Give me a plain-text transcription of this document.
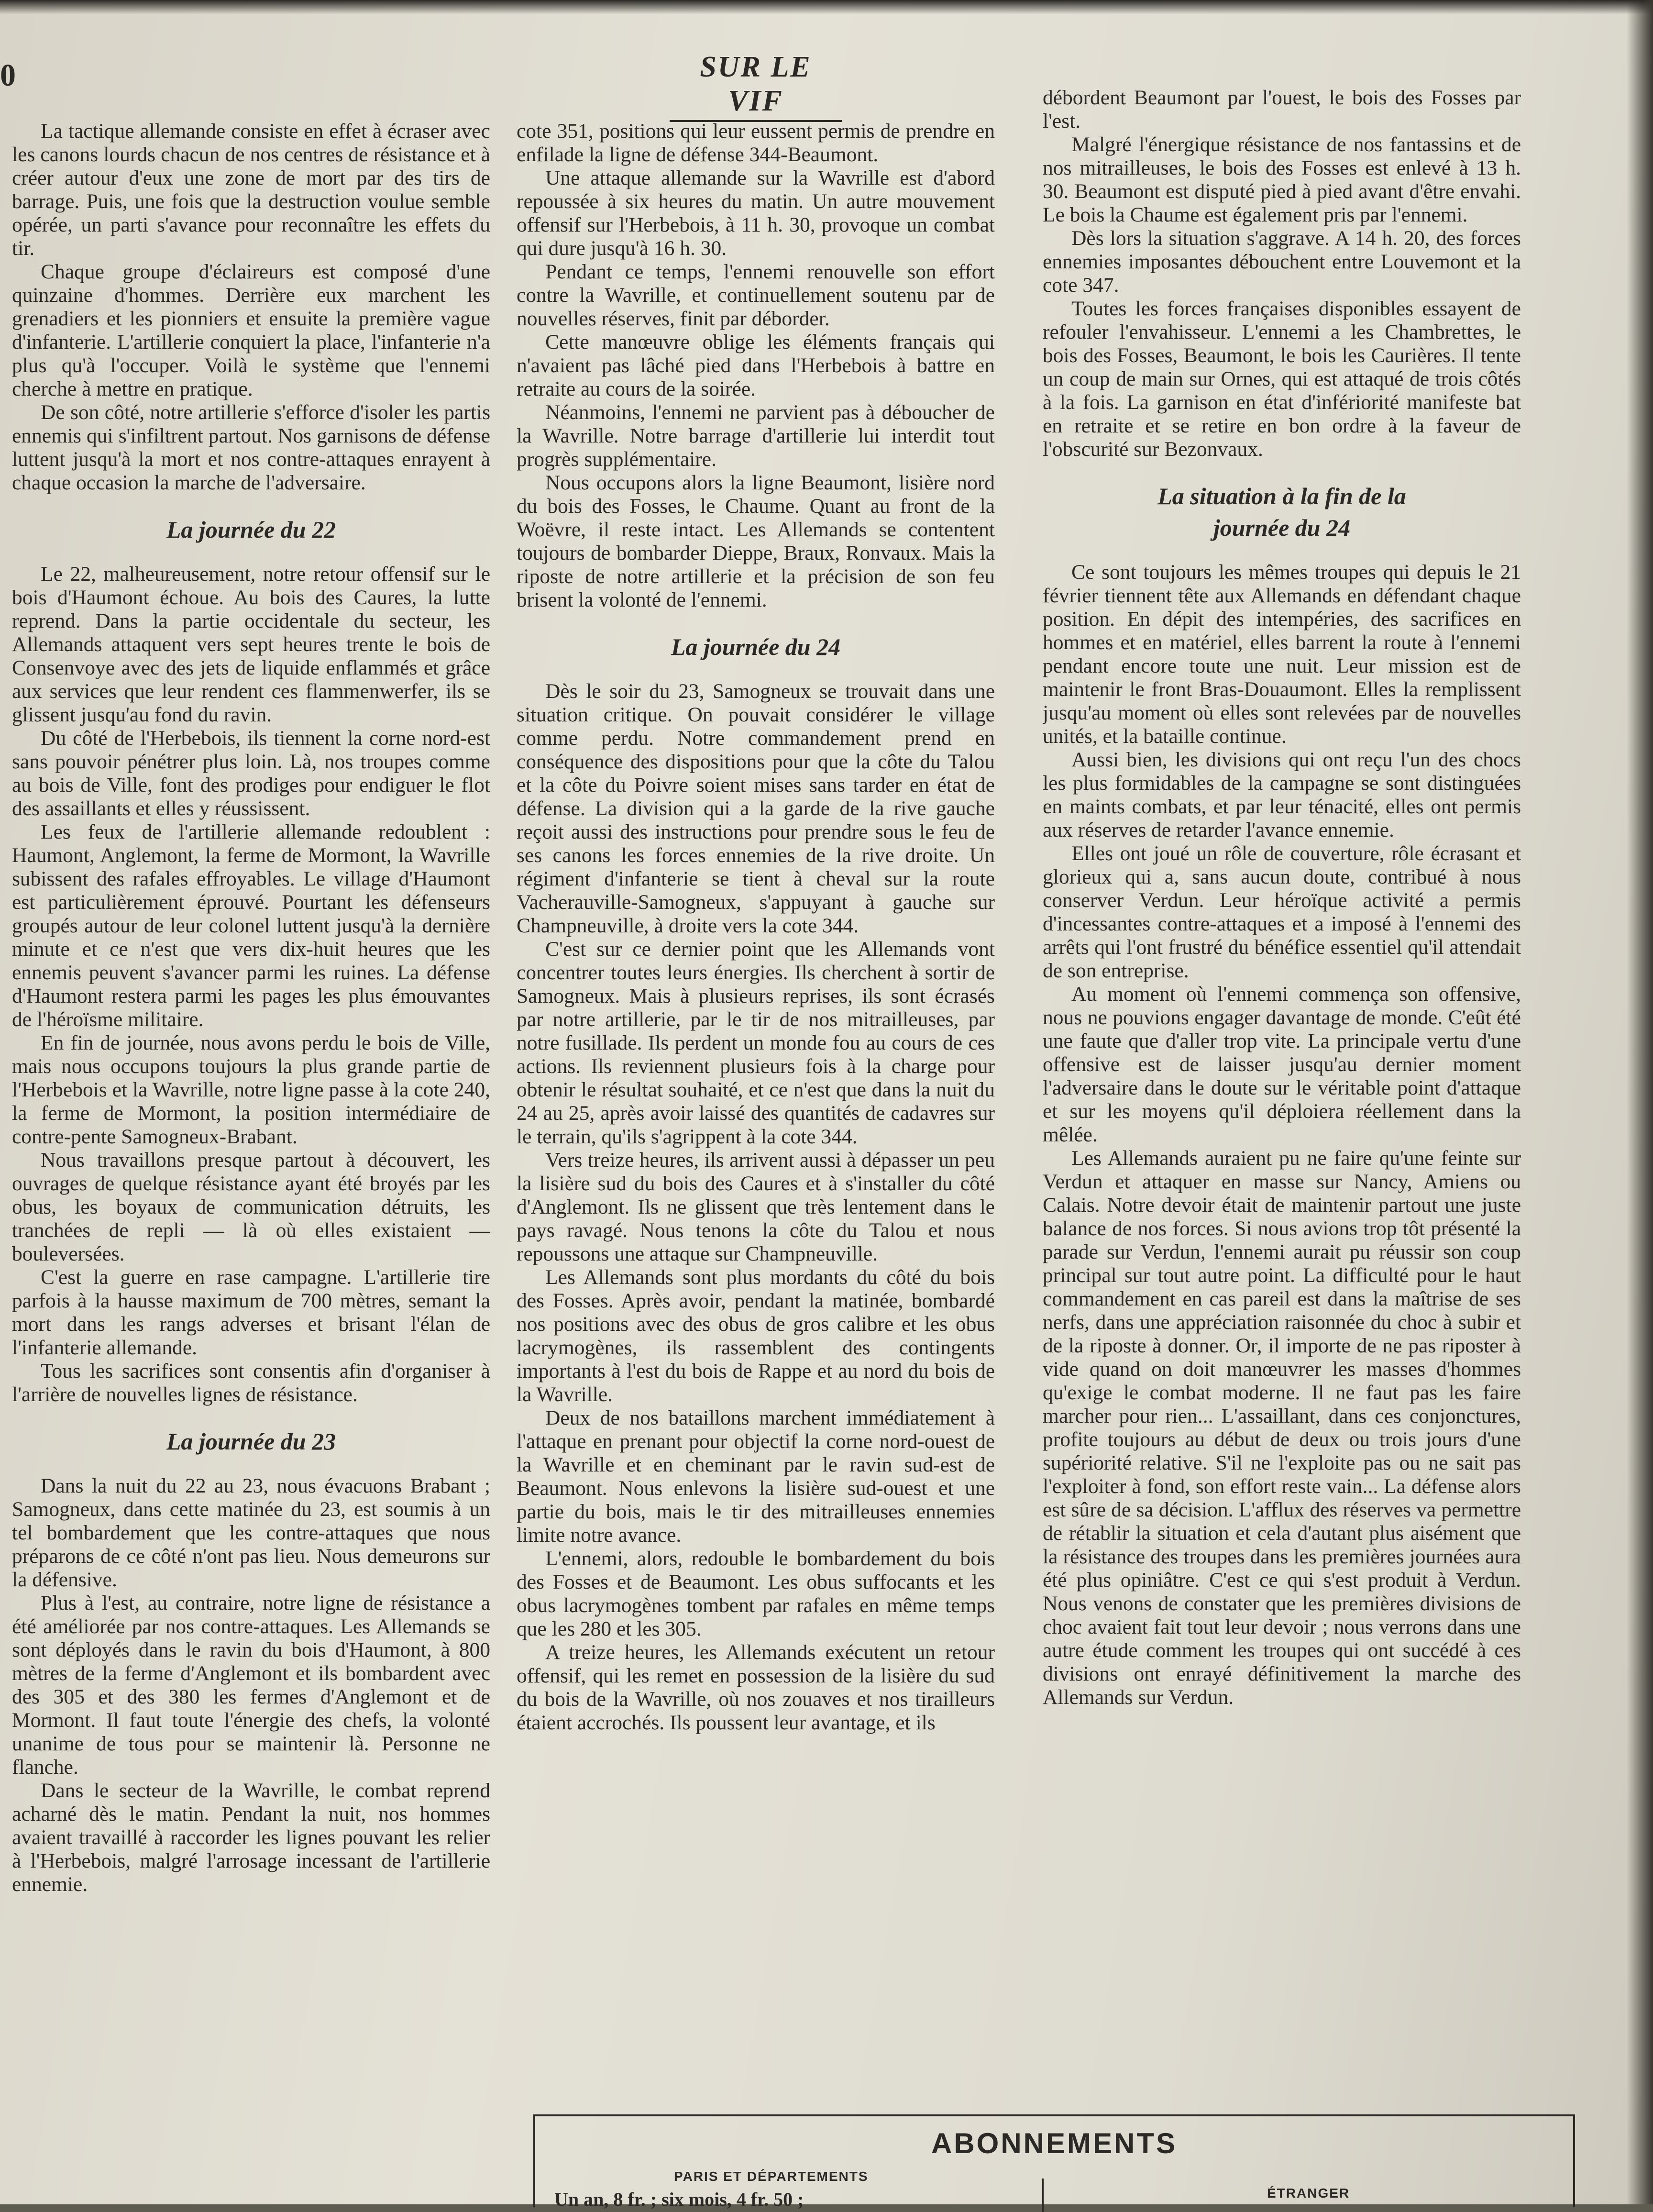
0	SUR LE VIF

La tactique allemande consiste en effet à écraser avec les canons lourds chacun de nos centres de résistance et à créer autour d'eux une zone de mort par des tirs de barrage. Puis, une fois que la destruction voulue semble opérée, un parti s'avance pour reconnaître les effets du tir.

Chaque groupe d'éclaireurs est composé d'une quinzaine d'hommes. Derrière eux marchent les grenadiers et les pionniers et ensuite la première vague d'infanterie. L'artillerie conquiert la place, l'infanterie n'a plus qu'à l'occuper. Voilà le système que l'ennemi cherche à mettre en pratique.

De son côté, notre artillerie s'efforce d'isoler les partis ennemis qui s'infiltrent partout. Nos garnisons de défense luttent jusqu'à la mort et nos contre-attaques enrayent à chaque occasion la marche de l'adversaire.

La journée du 22

Le 22, malheureusement, notre retour offensif sur le bois d'Haumont échoue. Au bois des Caures, la lutte reprend. Dans la partie occidentale du secteur, les Allemands attaquent vers sept heures trente le bois de Consenvoye avec des jets de liquide enflammés et grâce aux services que leur rendent ces flammenwerfer, ils se glissent jusqu'au fond du ravin.

Du côté de l'Herbebois, ils tiennent la corne nord-est sans pouvoir pénétrer plus loin. Là, nos troupes comme au bois de Ville, font des prodiges pour endiguer le flot des assaillants et elles y réussissent.

Les feux de l'artillerie allemande redoublent : Haumont, Anglemont, la ferme de Mormont, la Wavrille subissent des rafales effroyables. Le village d'Haumont est particulièrement éprouvé. Pourtant les défenseurs groupés autour de leur colonel luttent jusqu'à la dernière minute et ce n'est que vers dix-huit heures que les ennemis peuvent s'avancer parmi les ruines. La défense d'Haumont restera parmi les pages les plus émouvantes de l'héroïsme militaire.

En fin de journée, nous avons perdu le bois de Ville, mais nous occupons toujours la plus grande partie de l'Herbebois et la Wavrille, notre ligne passe à la cote 240, la ferme de Mormont, la position intermédiaire de contre-pente Samogneux-Brabant.

Nous travaillons presque partout à découvert, les ouvrages de quelque résistance ayant été broyés par les obus, les boyaux de communication détruits, les tranchées de repli — là où elles existaient — bouleversées.

C'est la guerre en rase campagne. L'artillerie tire parfois à la hausse maximum de 700 mètres, semant la mort dans les rangs adverses et brisant l'élan de l'infanterie allemande.

Tous les sacrifices sont consentis afin d'organiser à l'arrière de nouvelles lignes de résistance.

La journée du 23

Dans la nuit du 22 au 23, nous évacuons Brabant ; Samogneux, dans cette matinée du 23, est soumis à un tel bombardement que les contre-attaques que nous préparons de ce côté n'ont pas lieu. Nous demeurons sur la défensive.

Plus à l'est, au contraire, notre ligne de résistance a été améliorée par nos contre-attaques. Les Allemands se sont déployés dans le ravin du bois d'Haumont, à 800 mètres de la ferme d'Anglemont et ils bombardent avec des 305 et des 380 les fermes d'Anglemont et de Mormont. Il faut toute l'énergie des chefs, la volonté unanime de tous pour se maintenir là. Personne ne flanche.

Dans le secteur de la Wavrille, le combat reprend acharné dès le matin. Pendant la nuit, nos hommes avaient travaillé à raccorder les lignes pouvant les relier à l'Herbebois, malgré l'arrosage incessant de l'artillerie ennemie.

cote 351, positions qui leur eussent permis de prendre en enfilade la ligne de défense 344-Beaumont.

Une attaque allemande sur la Wavrille est d'abord repoussée à six heures du matin. Un autre mouvement offensif sur l'Herbebois, à 11 h. 30, provoque un combat qui dure jusqu'à 16 h. 30.

Pendant ce temps, l'ennemi renouvelle son effort contre la Wavrille, et continuellement soutenu par de nouvelles réserves, finit par déborder.

Cette manœuvre oblige les éléments français qui n'avaient pas lâché pied dans l'Herbebois à battre en retraite au cours de la soirée.

Néanmoins, l'ennemi ne parvient pas à déboucher de la Wavrille. Notre barrage d'artillerie lui interdit tout progrès supplémentaire.

Nous occupons alors la ligne Beaumont, lisière nord du bois des Fosses, le Chaume. Quant au front de la Woëvre, il reste intact. Les Allemands se contentent toujours de bombarder Dieppe, Braux, Ronvaux. Mais la riposte de notre artillerie et la précision de son feu brisent la volonté de l'ennemi.

La journée du 24

Dès le soir du 23, Samogneux se trouvait dans une situation critique. On pouvait considérer le village comme perdu. Notre commandement prend en conséquence des dispositions pour que la côte du Talou et la côte du Poivre soient mises sans tarder en état de défense. La division qui a la garde de la rive gauche reçoit aussi des instructions pour prendre sous le feu de ses canons les forces ennemies de la rive droite. Un régiment d'infanterie se tient à cheval sur la route Vacherauville-Samogneux, s'appuyant à gauche sur Champneuville, à droite vers la cote 344.

C'est sur ce dernier point que les Allemands vont concentrer toutes leurs énergies. Ils cherchent à sortir de Samogneux. Mais à plusieurs reprises, ils sont écrasés par notre artillerie, par le tir de nos mitrailleuses, par notre fusillade. Ils perdent un monde fou au cours de ces actions. Ils reviennent plusieurs fois à la charge pour obtenir le résultat souhaité, et ce n'est que dans la nuit du 24 au 25, après avoir laissé des quantités de cadavres sur le terrain, qu'ils s'agrippent à la cote 344.

Vers treize heures, ils arrivent aussi à dépasser un peu la lisière sud du bois des Caures et à s'installer du côté d'Anglemont. Ils ne glissent que très lentement dans le pays ravagé. Nous tenons la côte du Talou et nous repoussons une attaque sur Champneuville.

Les Allemands sont plus mordants du côté du bois des Fosses. Après avoir, pendant la matinée, bombardé nos positions avec des obus de gros calibre et les obus lacrymogènes, ils rassemblent des contingents importants à l'est du bois de Rappe et au nord du bois de la Wavrille.

Deux de nos bataillons marchent immédiatement à l'attaque en prenant pour objectif la corne nord-ouest de la Wavrille et en cheminant par le ravin sud-est de Beaumont. Nous enlevons la lisière sud-ouest et une partie du bois, mais le tir des mitrailleuses ennemies limite notre avance.

L'ennemi, alors, redouble le bombardement du bois des Fosses et de Beaumont. Les obus suffocants et les obus lacrymogènes tombent par rafales en même temps que les 280 et les 305.

A treize heures, les Allemands exécutent un retour offensif, qui les remet en possession de la lisière du sud du bois de la Wavrille, où nos zouaves et nos tirailleurs étaient accrochés. Ils poussent leur avantage, et ils

débordent Beaumont par l'ouest, le bois des Fosses par l'est.

Malgré l'énergique résistance de nos fantassins et de nos mitrailleuses, le bois des Fosses est enlevé à 13 h. 30. Beaumont est disputé pied à pied avant d'être envahi. Le bois la Chaume est également pris par l'ennemi.

Dès lors la situation s'aggrave. A 14 h. 20, des forces ennemies imposantes débouchent entre Louvemont et la cote 347.

Toutes les forces françaises disponibles essayent de refouler l'envahisseur. L'ennemi a les Chambrettes, le bois des Fosses, Beaumont, le bois les Caurières. Il tente un coup de main sur Ornes, qui est attaqué de trois côtés à la fois. La garnison en état d'infériorité manifeste bat en retraite et se retire en bon ordre à la faveur de l'obscurité sur Bezonvaux.

La situation à la fin de la
journée du 24

Ce sont toujours les mêmes troupes qui depuis le 21 février tiennent tête aux Allemands en défendant chaque position. En dépit des intempéries, des sacrifices en hommes et en matériel, elles barrent la route à l'ennemi pendant encore toute une nuit. Leur mission est de maintenir le front Bras-Douaumont. Elles la remplissent jusqu'au moment où elles sont relevées par de nouvelles unités, et la bataille continue.

Aussi bien, les divisions qui ont reçu l'un des chocs les plus formidables de la campagne se sont distinguées en maints combats, et par leur ténacité, elles ont permis aux réserves de retarder l'avance ennemie.

Elles ont joué un rôle de couverture, rôle écrasant et glorieux qui a, sans aucun doute, contribué à nous conserver Verdun. Leur héroïque activité a permis d'incessantes contre-attaques et a imposé à l'ennemi des arrêts qui l'ont frustré du bénéfice essentiel qu'il attendait de son entreprise.

Au moment où l'ennemi commença son offensive, nous ne pouvions engager davantage de monde. C'eût été une faute que d'aller trop vite. La principale vertu d'une offensive est de laisser jusqu'au dernier moment l'adversaire dans le doute sur le véritable point d'attaque et sur les moyens qu'il déploiera réellement dans la mêlée.

Les Allemands auraient pu ne faire qu'une feinte sur Verdun et attaquer en masse sur Nancy, Amiens ou Calais. Notre devoir était de maintenir partout une juste balance de nos forces. Si nous avions trop tôt présenté la parade sur Verdun, l'ennemi aurait pu réussir son coup principal sur tout autre point. La difficulté pour le haut commandement en cas pareil est dans la maîtrise de ses nerfs, dans une appréciation raisonnée du choc à subir et de la riposte à donner. Or, il importe de ne pas riposter à vide quand on doit manœuvrer les masses d'hommes qu'exige le combat moderne. Il ne faut pas les faire marcher pour rien... L'assaillant, dans ces conjonctures, profite toujours au début de deux ou trois jours d'une supériorité relative. S'il ne l'exploite pas ou ne sait pas l'exploiter à fond, son effort reste vain... La défense alors est sûre de sa décision. L'afflux des réserves va permettre de rétablir la situation et cela d'autant plus aisément que la résistance des troupes dans les premières journées aura été plus opiniâtre. C'est ce qui s'est produit à Verdun. Nous venons de constater que les premières divisions de choc avaient fait tout leur devoir ; nous verrons dans une autre étude comment les troupes qui ont succédé à ces divisions ont enrayé définitivement la marche des Allemands sur Verdun.

ABONNEMENTS
PARIS ET DÉPARTEMENTS
Un an, 8 fr. ; six mois, 4 fr. 50 ;	ÉTRANGER
